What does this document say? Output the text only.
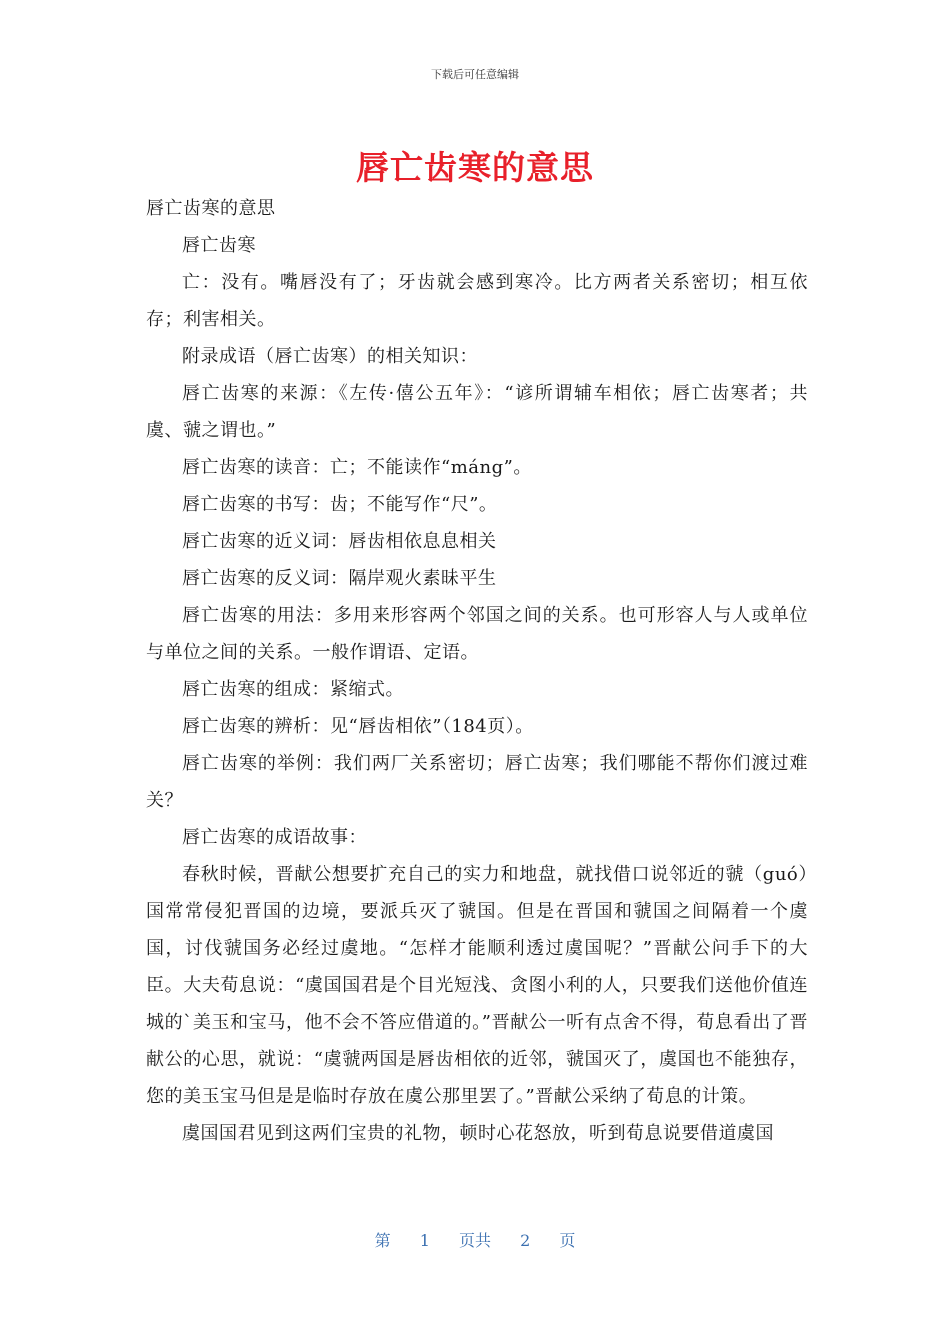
下载后可任意编辑
唇亡齿寒的意思

唇亡齿寒的意思

唇亡齿寒

亡：没有。嘴唇没有了；牙齿就会感到寒冷。比方两者关系密切；相互依存；利害相关。

附录成语（唇亡齿寒）的相关知识：

唇亡齿寒的来源：《左传·僖公五年》：“谚所谓辅车相依；唇亡齿寒者；共虞、虢之谓也。”

唇亡齿寒的读音：亡；不能读作“máng”。

唇亡齿寒的书写：齿；不能写作“尺”。

唇亡齿寒的近义词：唇齿相依息息相关

唇亡齿寒的反义词：隔岸观火素昧平生

唇亡齿寒的用法：多用来形容两个邻国之间的关系。也可形容人与人或单位与单位之间的关系。一般作谓语、定语。

唇亡齿寒的组成：紧缩式。

唇亡齿寒的辨析：见“唇齿相依”（184页）。

唇亡齿寒的举例：我们两厂关系密切；唇亡齿寒；我们哪能不帮你们渡过难关？

唇亡齿寒的成语故事：

春秋时候，晋献公想要扩充自己的实力和地盘，就找借口说邻近的虢（guó）国常常侵犯晋国的边境，要派兵灭了虢国。但是在晋国和虢国之间隔着一个虞国，讨伐虢国务必经过虞地。“怎样才能顺利透过虞国呢？”晋献公问手下的大臣。大夫荀息说：“虞国国君是个目光短浅、贪图小利的人，只要我们送他价值连城的`美玉和宝马，他不会不答应借道的。”晋献公一听有点舍不得，荀息看出了晋献公的心思，就说：“虞虢两国是唇齿相依的近邻，虢国灭了，虞国也不能独存，您的美玉宝马但是是临时存放在虞公那里罢了。”晋献公采纳了荀息的计策。

虞国国君见到这两们宝贵的礼物，顿时心花怒放，听到荀息说要借道虞国

第 1 页共 2 页
